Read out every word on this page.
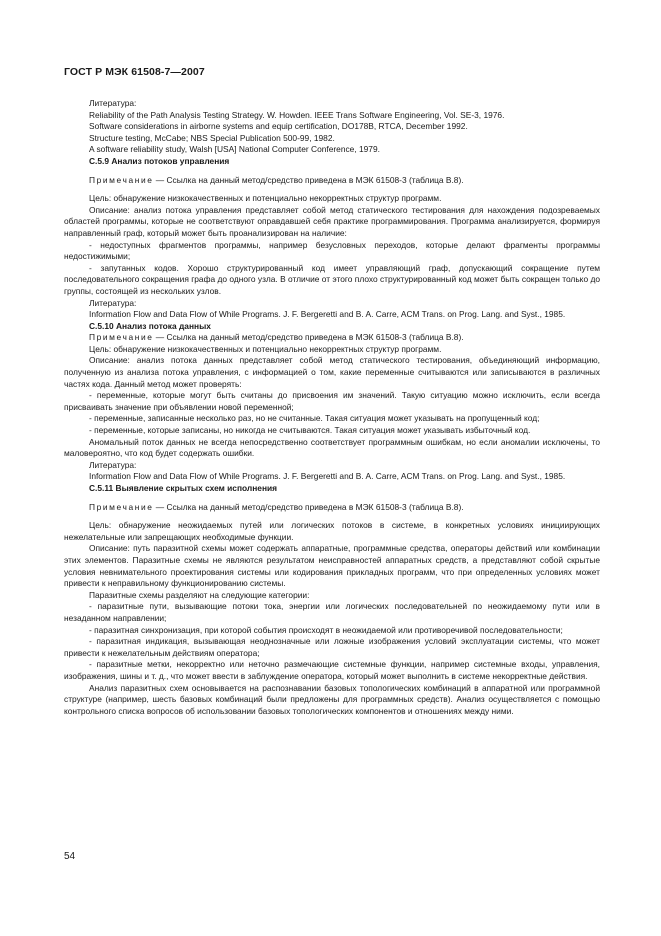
ГОСТ Р МЭК 61508-7—2007

Литература:

Reliability of the Path Analysis Testing Strategy. W. Howden. IEEE Trans Software Engineering, Vol. SE-3, 1976.

Software considerations in airborne systems and equip certification, DO178B, RTCA, December 1992.

Structure testing, McCabe; NBS Special Publication 500-99, 1982.

A software reliability study, Walsh [USA] National Computer Conference, 1979.

С.5.9 Анализ потоков управления

Примечание — Ссылка на данный метод/средство приведена в МЭК 61508-3 (таблица В.8).

Цель: обнаружение низкокачественных и потенциально некорректных структур программ.

Описание: анализ потока управления представляет собой метод статического тестирования для нахождения подозреваемых областей программы, которые не соответствуют оправдавшей себя практике программирования. Программа анализируется, формируя направленный граф, который может быть проанализирован на наличие:

- недоступных фрагментов программы, например безусловных переходов, которые делают фрагменты программы недостижимыми;

- запутанных кодов. Хорошо структурированный код имеет управляющий граф, допускающий сокращение путем последовательного сокращения графа до одного узла. В отличие от этого плохо структурированный код может быть сокращен только до группы, состоящей из нескольких узлов.

Литература:

Information Flow and Data Flow of While Programs. J. F. Bergeretti and B. A. Carre, ACM Trans. on Prog. Lang. and Syst., 1985.

С.5.10 Анализ потока данных

Примечание — Ссылка на данный метод/средство приведена в МЭК 61508-3 (таблица В.8).

Цель: обнаружение низкокачественных и потенциально некорректных структур программ.

Описание: анализ потока данных представляет собой метод статического тестирования, объединяющий информацию, полученную из анализа потока управления, с информацией о том, какие переменные считываются или записываются в различных частях кода. Данный метод может проверять:

- переменные, которые могут быть считаны до присвоения им значений. Такую ситуацию можно исключить, если всегда присваивать значение при объявлении новой переменной;

- переменные, записанные несколько раз, но не считанные. Такая ситуация может указывать на пропущенный код;

- переменные, которые записаны, но никогда не считываются. Такая ситуация может указывать избыточный код.

Аномальный поток данных не всегда непосредственно соответствует программным ошибкам, но если аномалии исключены, то маловероятно, что код будет содержать ошибки.

Литература:

Information Flow and Data Flow of While Programs. J. F. Bergeretti and B. A. Carre, ACM Trans. on Prog. Lang. and Syst., 1985.

С.5.11 Выявление скрытых схем исполнения

Примечание — Ссылка на данный метод/средство приведена в МЭК 61508-3 (таблица В.8).

Цель: обнаружение неожидаемых путей или логических потоков в системе, в конкретных условиях инициирующих нежелательные или запрещающих необходимые функции.

Описание: путь паразитной схемы может содержать аппаратные, программные средства, операторы действий или комбинации этих элементов. Паразитные схемы не являются результатом неисправностей аппаратных средств, а представляют собой скрытые условия невнимательного проектирования системы или кодирования прикладных программ, что при определенных условиях может привести к неправильному функционированию системы.

Паразитные схемы разделяют на следующие категории:

- паразитные пути, вызывающие потоки тока, энергии или логических последовательней по неожидаемому пути или в незаданном направлении;

- паразитная синхронизация, при которой события происходят в неожидаемой или противоречивой последовательности;

- паразитная индикация, вызывающая неоднозначные или ложные изображения условий эксплуатации системы, что может привести к нежелательным действиям оператора;

- паразитные метки, некорректно или неточно размечающие системные функции, например системные входы, управления, изображения, шины и т. д., что может ввести в заблуждение оператора, который может выполнить в системе некорректные действия.

Анализ паразитных схем основывается на распознавании базовых топологических комбинаций в аппаратной или программной структуре (например, шесть базовых комбинаций были предложены для программных средств). Анализ осуществляется с помощью контрольного списка вопросов об использовании базовых топологических компонентов и отношениях между ними.

54
